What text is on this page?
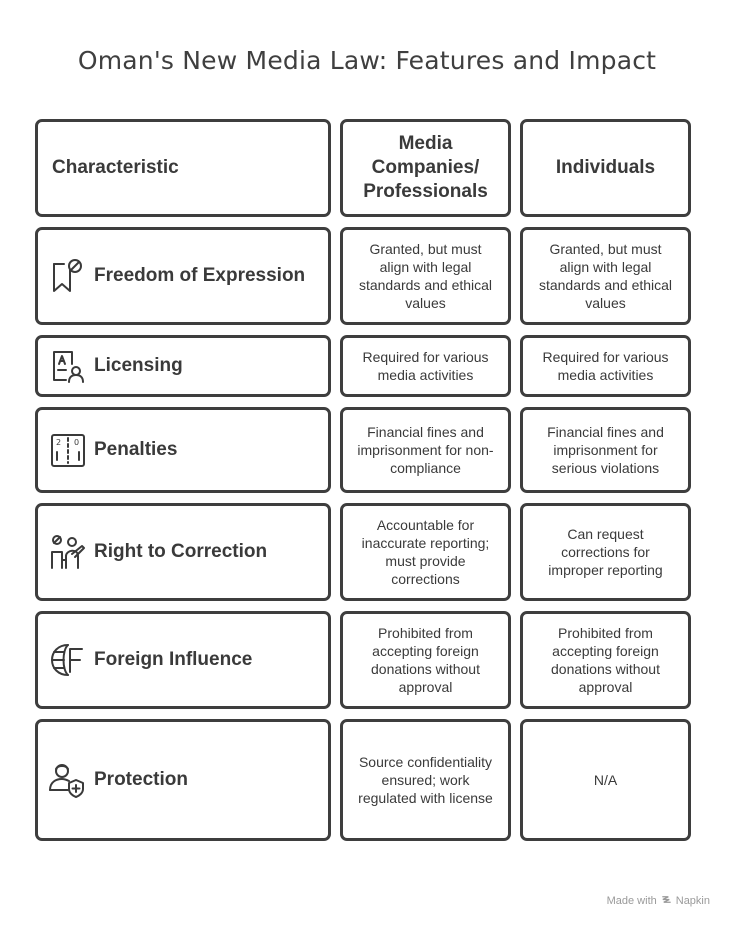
Oman's New Media Law: Features and Impact
Characteristic
Media Companies/ Professionals
Individuals
Freedom of Expression
Granted, but must align with legal standards and ethical values
Granted, but must align with legal standards and ethical values
Licensing	Required for various media activities
Required for various media activities
2 0 Penalties
Financial fines and imprisonment for non-compliance
Financial fines and imprisonment for serious violations
Right to Correction
Accountable for inaccurate reporting; must provide corrections
Can request corrections for improper reporting
Foreign Influence
Prohibited from accepting foreign donations without approval
Prohibited from accepting foreign donations without approval
Protection
Source confidentiality ensured; work regulated with license
N/A
Made with Napkin
